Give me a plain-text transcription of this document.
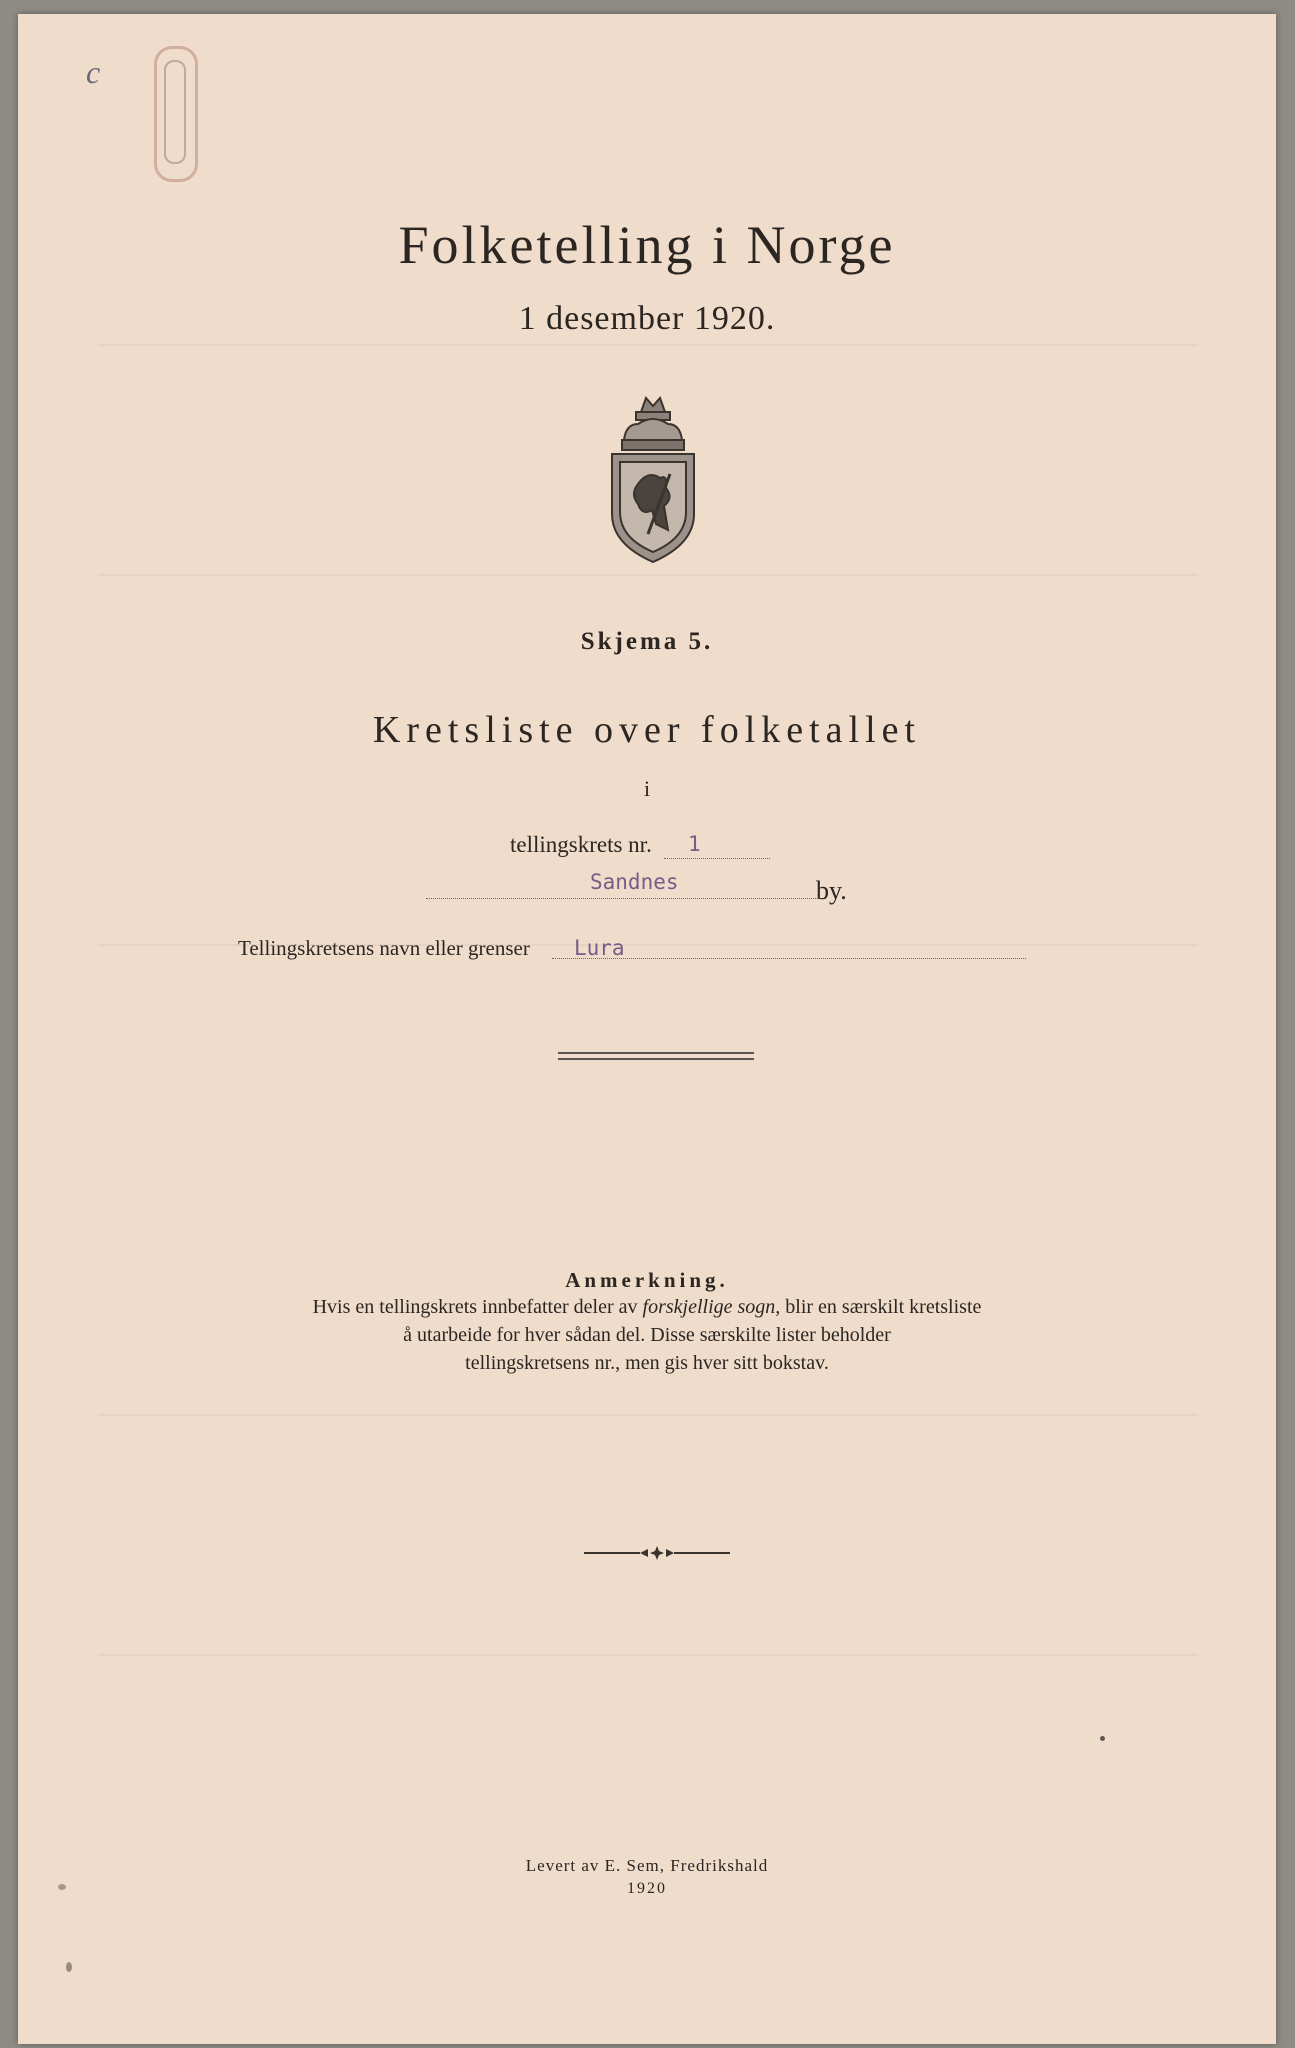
c
Folketelling i Norge
1 desember 1920.
Skjema 5.
Kretsliste over folketallet
i
tellingskrets nr. 1
Sandnes	by.
Tellingskretsens navn eller grenser Lura
Anmerkning.
Hvis en tellingskrets innbefatter deler av forskjellige sogn, blir en særskilt kretsliste
å utarbeide for hver sådan del. Disse særskilte lister beholder
tellingskretsens nr., men gis hver sitt bokstav.
Levert av E. Sem, Fredrikshald
1920
